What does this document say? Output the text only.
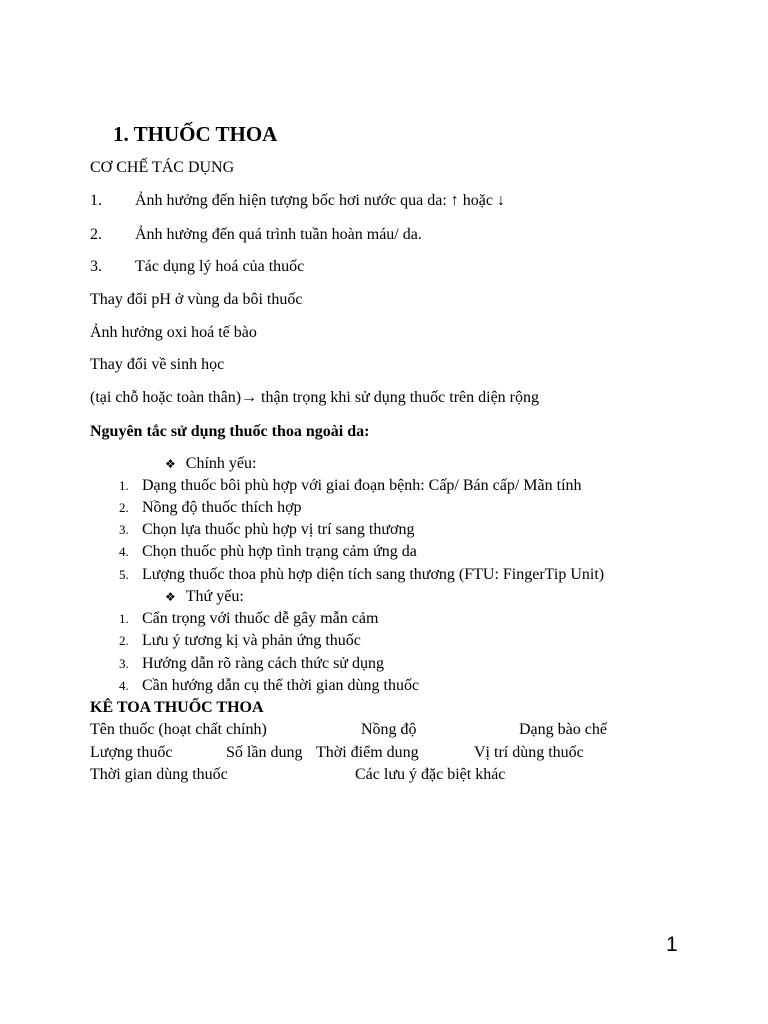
1. THUỐC THOA
CƠ CHẾ TÁC DỤNG
1. Ảnh hưởng đến hiện tượng bốc hơi nước qua da: ↑ hoặc ↓
2. Ảnh hưởng đến quá trình tuần hoàn máu/ da.
3. Tác dụng lý hoá của thuốc
Thay đổi pH ở vùng da bôi thuốc
Ảnh hưởng oxi hoá tế bào
Thay đổi về sinh học
(tại chỗ hoặc toàn thân)→ thận trọng khi sử dụng thuốc trên diện rộng
Nguyên tắc sử dụng thuốc thoa ngoài da:
❖ Chính yếu:
1. Dạng thuốc bôi phù hợp với giai đoạn bệnh: Cấp/ Bán cấp/ Mãn tính
2. Nồng độ thuốc thích hợp
3. Chọn lựa thuốc phù hợp vị trí sang thương
4. Chọn thuốc phù hợp tình trạng cảm ứng da
5. Lượng thuốc thoa phù hợp diện tích sang thương (FTU: FingerTip Unit)
❖ Thứ yếu:
1. Cẩn trọng với thuốc dễ gây mẫn cảm
2. Lưu ý tương kị và phản ứng thuốc
3. Hướng dẫn rõ ràng cách thức sử dụng
4. Cần hướng dẫn cụ thể thời gian dùng thuốc
KÊ TOA THUỐC THOA
Tên thuốc (hoạt chất chính)	Nồng độ	Dạng bào chế
Lượng thuốc	Số lần dung Thời điểm dung	Vị trí dùng thuốc
Thời gian dùng thuốc	Các lưu ý đặc biệt khác
1
